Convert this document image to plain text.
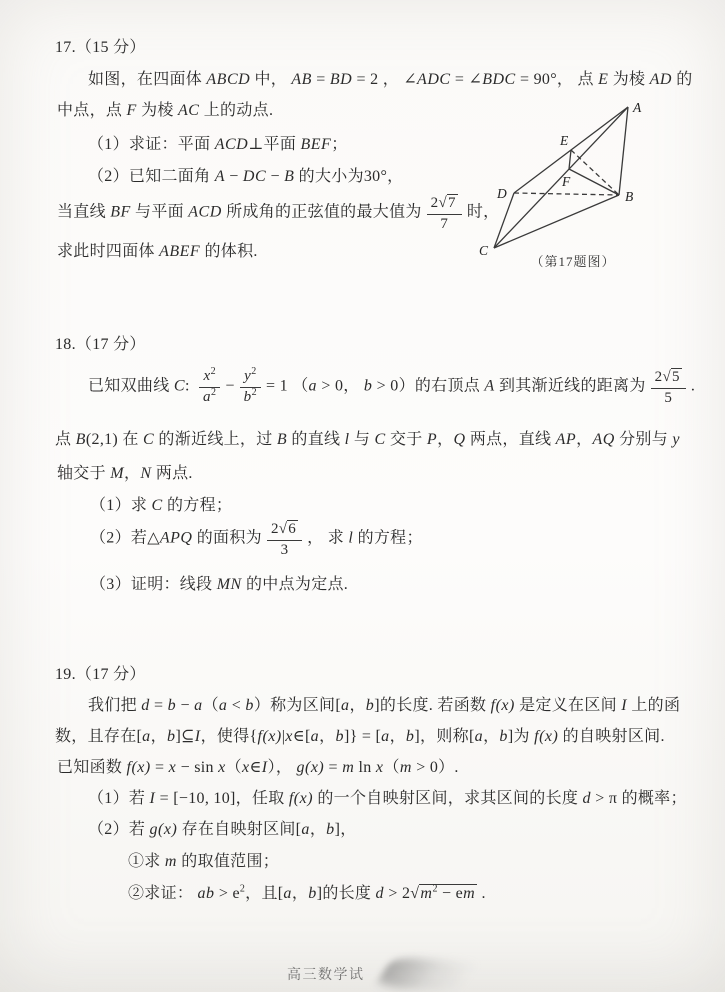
17.（15 分）
如图，在四面体 ABCD 中， AB = BD = 2 ， ∠ADC = ∠BDC = 90°， 点 E 为棱 AD 的
中点，点 F 为棱 AC 上的动点.
（1）求证：平面 ACD⊥平面 BEF；
（2）已知二面角 A − DC − B 的大小为30°，
当直线 BF 与平面 ACD 所成角的正弦值的最大值为 $\frac{2√7}{7}$ 时，
求此时四面体 ABEF 的体积.
A
E
F
D	B
C
（第17题图）
18.（17 分）
已知双曲线 C: $\frac{x^2}{a^2} - \frac{y^2}{b^2} = 1$ （a > 0， b > 0）的右顶点 A 到其渐近线的距离为 $\frac{2√5}{5}$ .
点 B(2,1) 在 C 的渐近线上，过 B 的直线 l 与 C 交于 P，Q 两点，直线 AP，AQ 分别与 y
轴交于 M，N 两点.
（1）求 C 的方程；
（2）若△APQ 的面积为 $\frac{2√6}{3}$ ， 求 l 的方程；
（3）证明：线段 MN 的中点为定点.
19.（17 分）
我们把 d = b − a（a < b）称为区间[a，b]的长度. 若函数 f(x) 是定义在区间 I 上的函
数，且存在[a，b]⊆I，使得{f(x)|x∈[a，b]} = [a，b]，则称[a，b]为 f(x) 的自映射区间.
已知函数 f(x) = x − sin x（x∈I）， g(x) = m ln x（m > 0）.
（1）若 I = [−10, 10]，任取 f(x) 的一个自映射区间，求其区间的长度 d > π 的概率；
（2）若 g(x) 存在自映射区间[a，b]，
①求 m 的取值范围；
②求证： ab > $e^2$，且[a，b]的长度 $d > 2√m^2$ − em .
高三数学试
